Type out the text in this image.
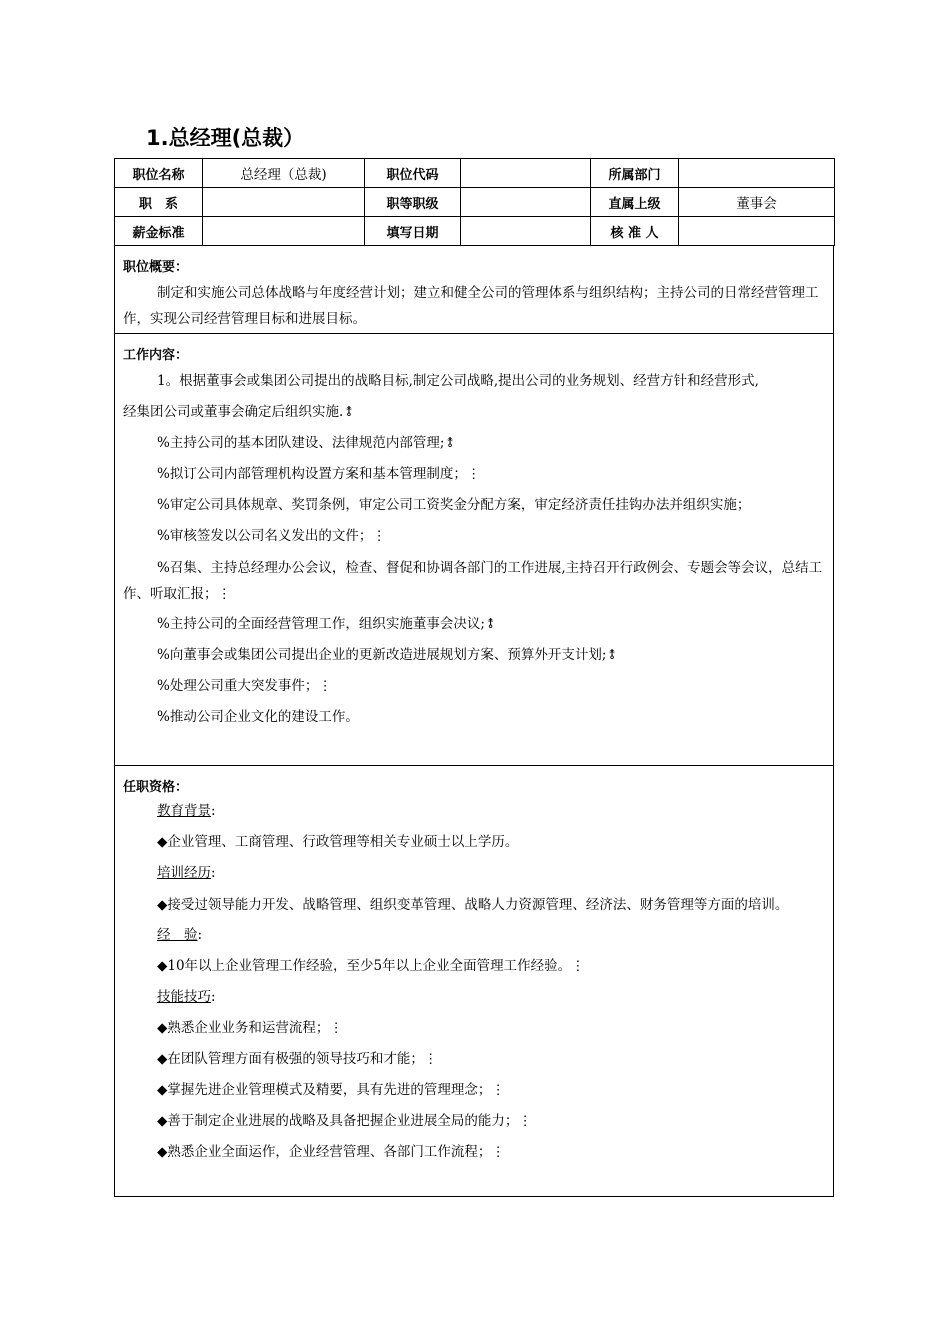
1.总经理(总裁）
职位名称	总经理（总裁)	职位代码		所属部门	
职　系		职等职级		直属上级	董事会
薪金标准		填写日期		核 准 人	
职位概要：
制定和实施公司总体战略与年度经营计划；建立和健全公司的管理体系与组织结构；主持公司的日常经营管理工作，实现公司经营管理目标和进展目标。
工作内容：
1。根据董事会或集团公司提出的战略目标,制定公司战略,提出公司的业务规划、经营方针和经营形式,
经集团公司或董事会确定后组织实施.⥉
%主持公司的基本团队建设、法律规范内部管理;⥉
%拟订公司内部管理机构设置方案和基本管理制度；⋮
%审定公司具体规章、奖罚条例，审定公司工资奖金分配方案，审定经济责任挂钩办法并组织实施；
%审核签发以公司名义发出的文件；⋮
%召集、主持总经理办公会议，检查、督促和协调各部门的工作进展,主持召开行政例会、专题会等会议，总结工作、听取汇报；⋮
%主持公司的全面经营管理工作，组织实施董事会决议;⥉
%向董事会或集团公司提出企业的更新改造进展规划方案、预算外开支计划;⥉
%处理公司重大突发事件；⋮
%推动公司企业文化的建设工作。
任职资格：
教育背景:
◆企业管理、工商管理、行政管理等相关专业硕士以上学历。
培训经历:
◆接受过领导能力开发、战略管理、组织变革管理、战略人力资源管理、经济法、财务管理等方面的培训。
经　验:
◆10年以上企业管理工作经验，至少5年以上企业全面管理工作经验。⋮
技能技巧:
◆熟悉企业业务和运营流程；⋮
◆在团队管理方面有极强的领导技巧和才能；⋮
◆掌握先进企业管理模式及精要，具有先进的管理理念；⋮
◆善于制定企业进展的战略及具备把握企业进展全局的能力；⋮
◆熟悉企业全面运作，企业经营管理、各部门工作流程；⋮
